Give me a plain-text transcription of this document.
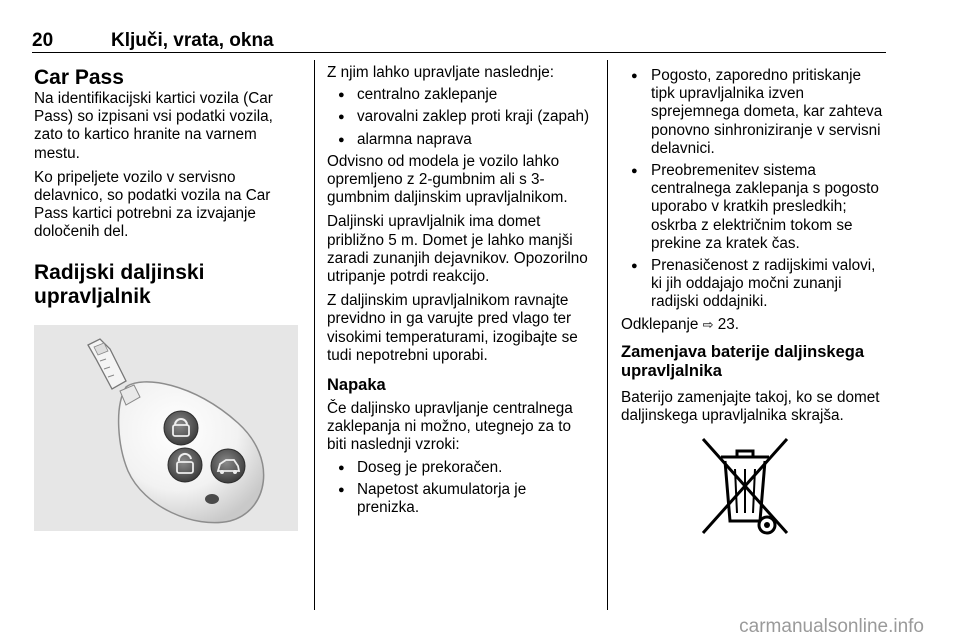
20	Ključi, vrata, okna
Car Pass

Na identifikacijski kartici vozila (Car Pass) so izpisani vsi podatki vozila, zato to kartico hranite na varnem mestu.

Ko pripeljete vozilo v servisno delavnico, so podatki vozila na Car Pass kartici potrebni za izvajanje določenih del.

Radijski daljinski upravljalnik

Z njim lahko upravljate naslednje:

● centralno zaklepanje
● varovalni zaklep proti kraji (zapah)
● alarmna naprava

Odvisno od modela je vozilo lahko opremljeno z 2-gumbnim ali s 3-gumbnim daljinskim upravljalnikom.

Daljinski upravljalnik ima domet približno 5 m. Domet je lahko manjši zaradi zunanjih dejavnikov. Opozorilno utripanje potrdi reakcijo.

Z daljinskim upravljalnikom ravnajte previdno in ga varujte pred vlago ter visokimi temperaturami, izogibajte se tudi nepotrebni uporabi.

Napaka

Če daljinsko upravljanje centralnega zaklepanja ni možno, utegnejo za to biti naslednji vzroki:

● Doseg je prekoračen.
● Napetost akumulatorja je prenizka.
● Pogosto, zaporedno pritiskanje tipk upravljalnika izven sprejemnega dometa, kar zahteva ponovno sinhroniziranje v servisni delavnici.
● Preobremenitev sistema centralnega zaklepanja s pogosto uporabo v kratkih presledkih; oskrba z električnim tokom se prekine za kratek čas.
● Prenasičenost z radijskimi valovi, ki jih oddajajo močni zunanji radijski oddajniki.

Odklepanje ⇨ 23.

Zamenjava baterije daljinskega upravljalnika

Baterijo zamenjajte takoj, ko se domet daljinskega upravljalnika skrajša.

carmanualsonline.info
